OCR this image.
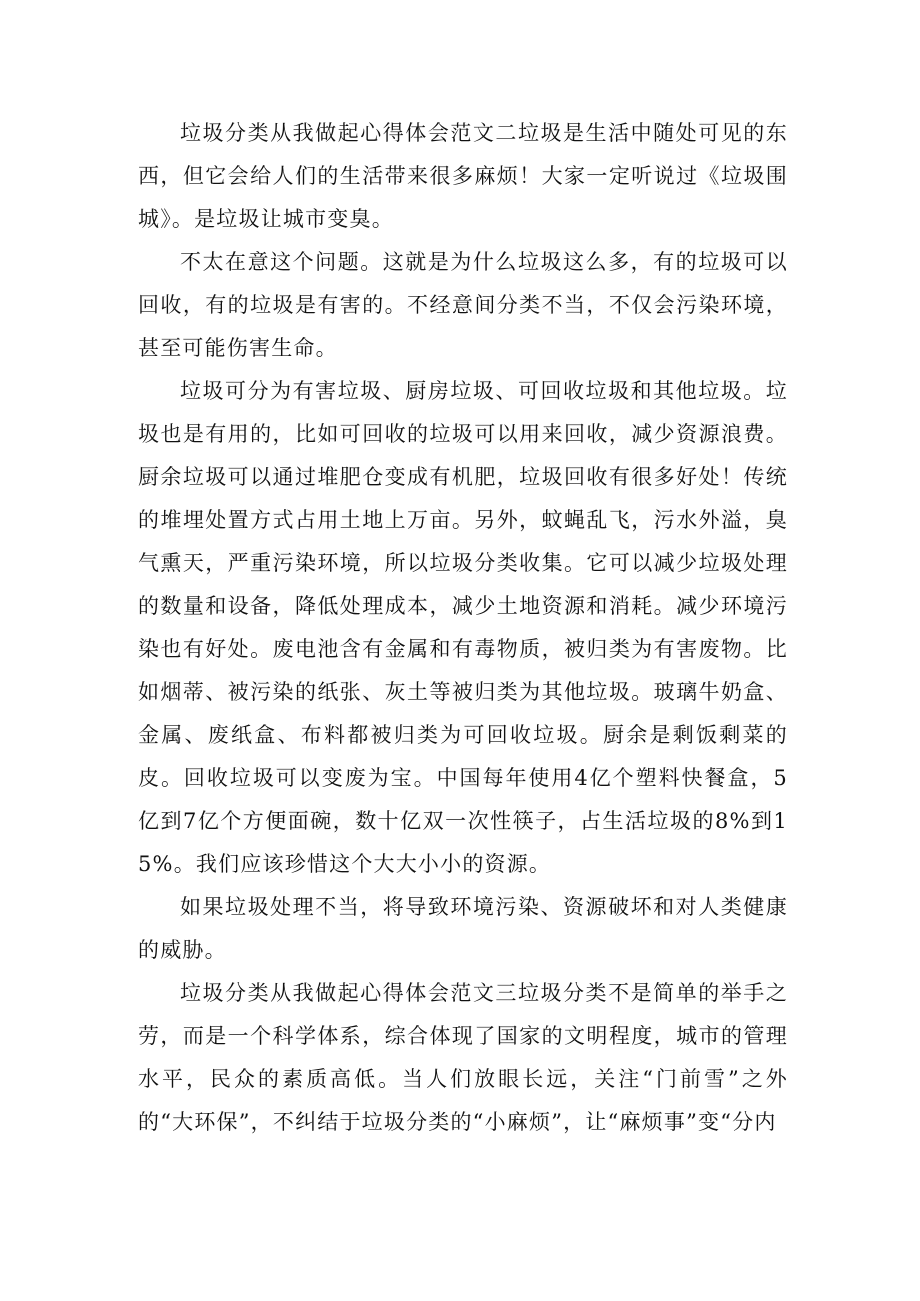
垃圾分类从我做起心得体会范文二垃圾是生活中随处可见的东西，但它会给人们的生活带来很多麻烦！大家一定听说过《垃圾围城》。是垃圾让城市变臭。

不太在意这个问题。这就是为什么垃圾这么多，有的垃圾可以回收，有的垃圾是有害的。不经意间分类不当，不仅会污染环境，甚至可能伤害生命。

垃圾可分为有害垃圾、厨房垃圾、可回收垃圾和其他垃圾。垃圾也是有用的，比如可回收的垃圾可以用来回收，减少资源浪费。厨余垃圾可以通过堆肥仓变成有机肥，垃圾回收有很多好处！传统的堆埋处置方式占用土地上万亩。另外，蚊蝇乱飞，污水外溢，臭气熏天，严重污染环境，所以垃圾分类收集。它可以减少垃圾处理的数量和设备，降低处理成本，减少土地资源和消耗。减少环境污染也有好处。废电池含有金属和有毒物质，被归类为有害废物。比如烟蒂、被污染的纸张、灰土等被归类为其他垃圾。玻璃牛奶盒、金属、废纸盒、布料都被归类为可回收垃圾。厨余是剩饭剩菜的皮。回收垃圾可以变废为宝。中国每年使用4亿个塑料快餐盒，5亿到7亿个方便面碗，数十亿双一次性筷子，占生活垃圾的8%到15%。我们应该珍惜这个大大小小的资源。

如果垃圾处理不当，将导致环境污染、资源破坏和对人类健康的威胁。

垃圾分类从我做起心得体会范文三垃圾分类不是简单的举手之劳，而是一个科学体系，综合体现了国家的文明程度，城市的管理水平，民众的素质高低。当人们放眼长远，关注“门前雪”之外的“大环保”，不纠结于垃圾分类的“小麻烦”，让“麻烦事”变“分内
